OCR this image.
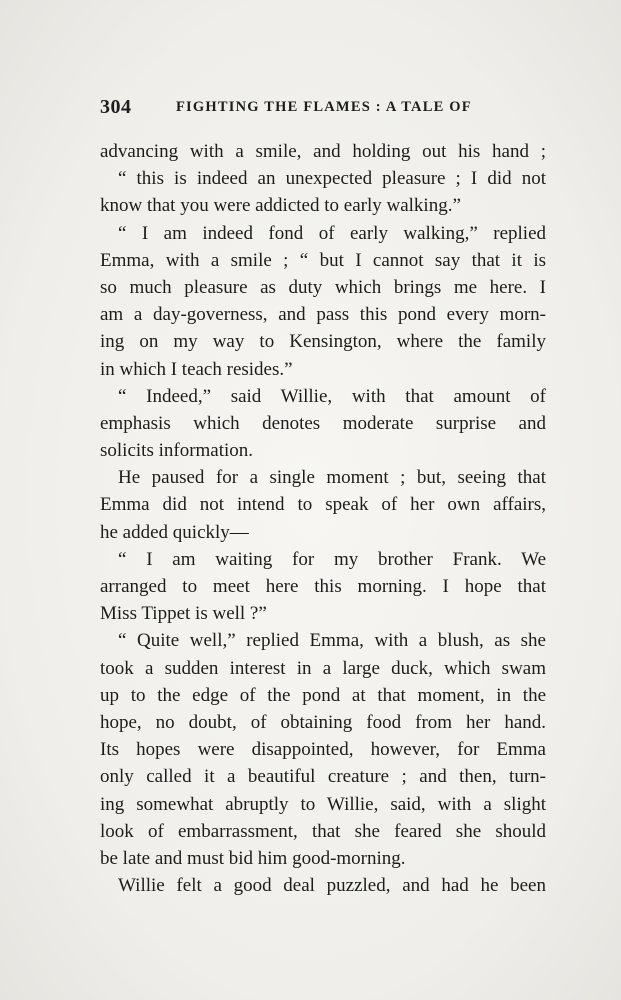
304	FIGHTING THE FLAMES : A TALE OF
advancing with a smile, and holding out his hand ;
“ this is indeed an unexpected pleasure ; I did not
know that you were addicted to early walking.”
“ I am indeed fond of early walking,” replied
Emma, with a smile ; “ but I cannot say that it is
so much pleasure as duty which brings me here. I
am a day-governess, and pass this pond every morn-
ing on my way to Kensington, where the family
in which I teach resides.”
“ Indeed,” said Willie, with that amount of
emphasis which denotes moderate surprise and
solicits information.
He paused for a single moment ; but, seeing that
Emma did not intend to speak of her own affairs,
he added quickly—
“ I am waiting for my brother Frank. We
arranged to meet here this morning. I hope that
Miss Tippet is well ?”
“ Quite well,” replied Emma, with a blush, as she
took a sudden interest in a large duck, which swam
up to the edge of the pond at that moment, in the
hope, no doubt, of obtaining food from her hand.
Its hopes were disappointed, however, for Emma
only called it a beautiful creature ; and then, turn-
ing somewhat abruptly to Willie, said, with a slight
look of embarrassment, that she feared she should
be late and must bid him good-morning.
Willie felt a good deal puzzled, and had he been
